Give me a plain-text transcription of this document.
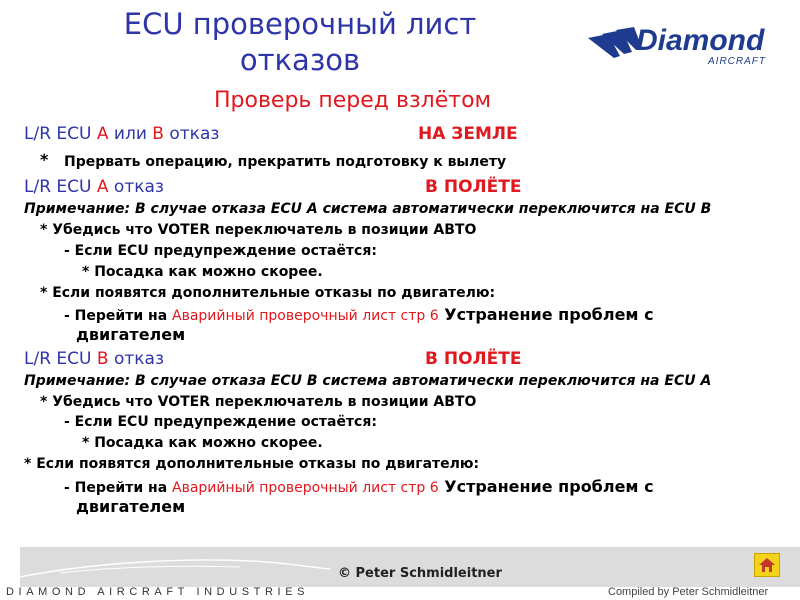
ECU проверочный лист
отказов
Diamond
AIRCRAFT
Проверь перед взлётом
L/R ECU A или B отказ	НА ЗЕМЛЕ
* Прервать операцию, прекратить подготовку к вылету
L/R ECU A отказ	В ПОЛЁТЕ
Примечание: В случае отказа ECU A система автоматически переключится на ECU B
* Убедись что VOTER переключатель в позиции АВТО
- Если ECU предупреждение остаётся:
* Посадка как можно скорее.
* Если появятся дополнительные отказы по двигателю:
- Перейти на Аварийный проверочный лист стр 6 Устранение проблем с
двигателем
L/R ECU B отказ	В ПОЛЁТЕ
Примечание: В случае отказа ECU B система автоматически переключится на ECU A
* Убедись что VOTER переключатель в позиции АВТО
- Если ECU предупреждение остаётся:
* Посадка как можно скорее.
* Если появятся дополнительные отказы по двигателю:
- Перейти на Аварийный проверочный лист стр 6 Устранение проблем с
двигателем
© Peter Schmidleitner
DIAMOND AIRCRAFT INDUSTRIES	Compiled by Peter Schmidleitner
